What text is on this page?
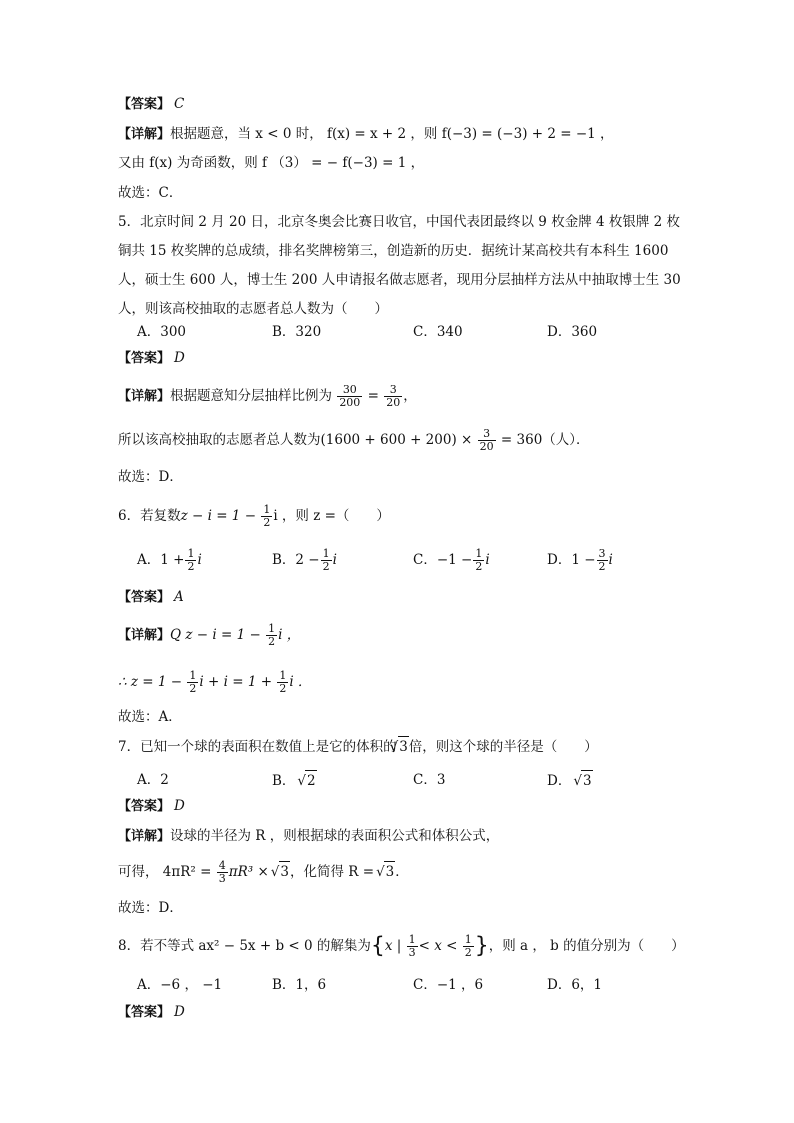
【答案】 C
【详解】根据题意，当 x < 0 时， f(x) = x + 2 ，则 f(−3) = (−3) + 2 = −1 ，
又由 f(x) 为奇函数，则 f （3） = − f(−3) = 1 ，
故选：C．
5．北京时间 2 月 20 日，北京冬奥会比赛日收官，中国代表团最终以 9 枚金牌 4 枚银牌 2 枚
铜共 15 枚奖牌的总成绩，排名奖牌榜第三，创造新的历史．据统计某高校共有本科生 1600
人，硕士生 600 人，博士生 200 人申请报名做志愿者，现用分层抽样方法从中抽取博士生 30
人，则该高校抽取的志愿者总人数为（　　）
A．300	B．320	C．340	D．360
【答案】 D
【详解】根据题意知分层抽样比例为 $\frac{30}{200} = \frac{3}{20}$ ，
所以该高校抽取的志愿者总人数为$(1600 + 600 + 200) \times \frac{3}{20} = 360$（人）．
故选：D．
6．若复数$z - i = 1 - \frac{1}{2}$ i ，则 z =（　　）
A．$1 + \frac{1}{2}$ i	B．$2 - \frac{1}{2}$ i	C．$-1 - \frac{1}{2}$ i	D．$1 - \frac{3}{2}$ i
【答案】 A
【详解】Q $z - i = 1 - \frac{1}{2}$ i ，
∴ $z = 1 - \frac{1}{2}$ $i + i = 1 + \frac{1}{2}$ i ．
故选：A．
7．已知一个球的表面积在数值上是它的体积的 √ 3倍，则这个球的半径是（　　）
A．2	B． √ 2	C．3	D． √ 3
【答案】 D
【详解】设球的半径为 R ，则根据球的表面积公式和体积公式，
可得， $4\pi R^2 = \frac{4}{3} \pi R^3$ × √ 3，化简得 R = √ 3．
故选：D．
8．若不等式 ax² − 5x + b < 0 的解集为{x | $\frac{1}{3} < x < \frac{1}{2}$ }，则 a ， b 的值分别为（　　）
A．−6 ， −1	B．1，6	C．−1 ，6	D．6，1
【答案】 D
